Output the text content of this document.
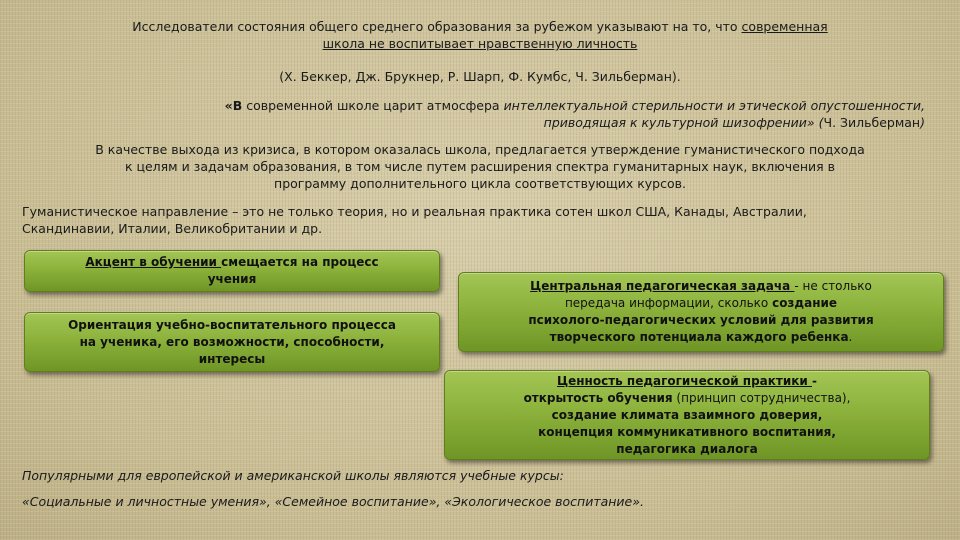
Исследователи состояния общего среднего образования за рубежом указывают на то, что современная
школа не воспитывает нравственную личность
(Х. Беккер, Дж. Брукнер, Р. Шарп, Ф. Кумбс, Ч. Зильберман).
«В современной школе царит атмосфера интеллектуальной стерильности и этической опустошенности,
приводящая к культурной шизофрении» (Ч. Зильберман)
В качестве выхода из кризиса, в котором оказалась школа, предлагается утверждение гуманистического подхода
к целям и задачам образования, в том числе путем расширения спектра гуманитарных наук, включения в
программу дополнительного цикла соответствующих курсов.
Гуманистическое направление – это не только теория, но и реальная практика сотен школ США, Канады, Австралии,
Скандинавии, Италии, Великобритании и др.
Акцент в обучении смещается на процесс
учения
Ориентация учебно-воспитательного процесса
на ученика, его возможности, способности,
интересы
Центральная педагогическая задача - не столько
передача информации, сколько создание
психолого-педагогических условий для развития
творческого потенциала каждого ребенка.
Ценность педагогической практики -
открытость обучения (принцип сотрудничества),
создание климата взаимного доверия,
концепция коммуникативного воспитания,
педагогика диалога
Популярными для европейской и американской школы являются учебные курсы:
«Социальные и личностные умения», «Семейное воспитание», «Экологическое воспитание».
